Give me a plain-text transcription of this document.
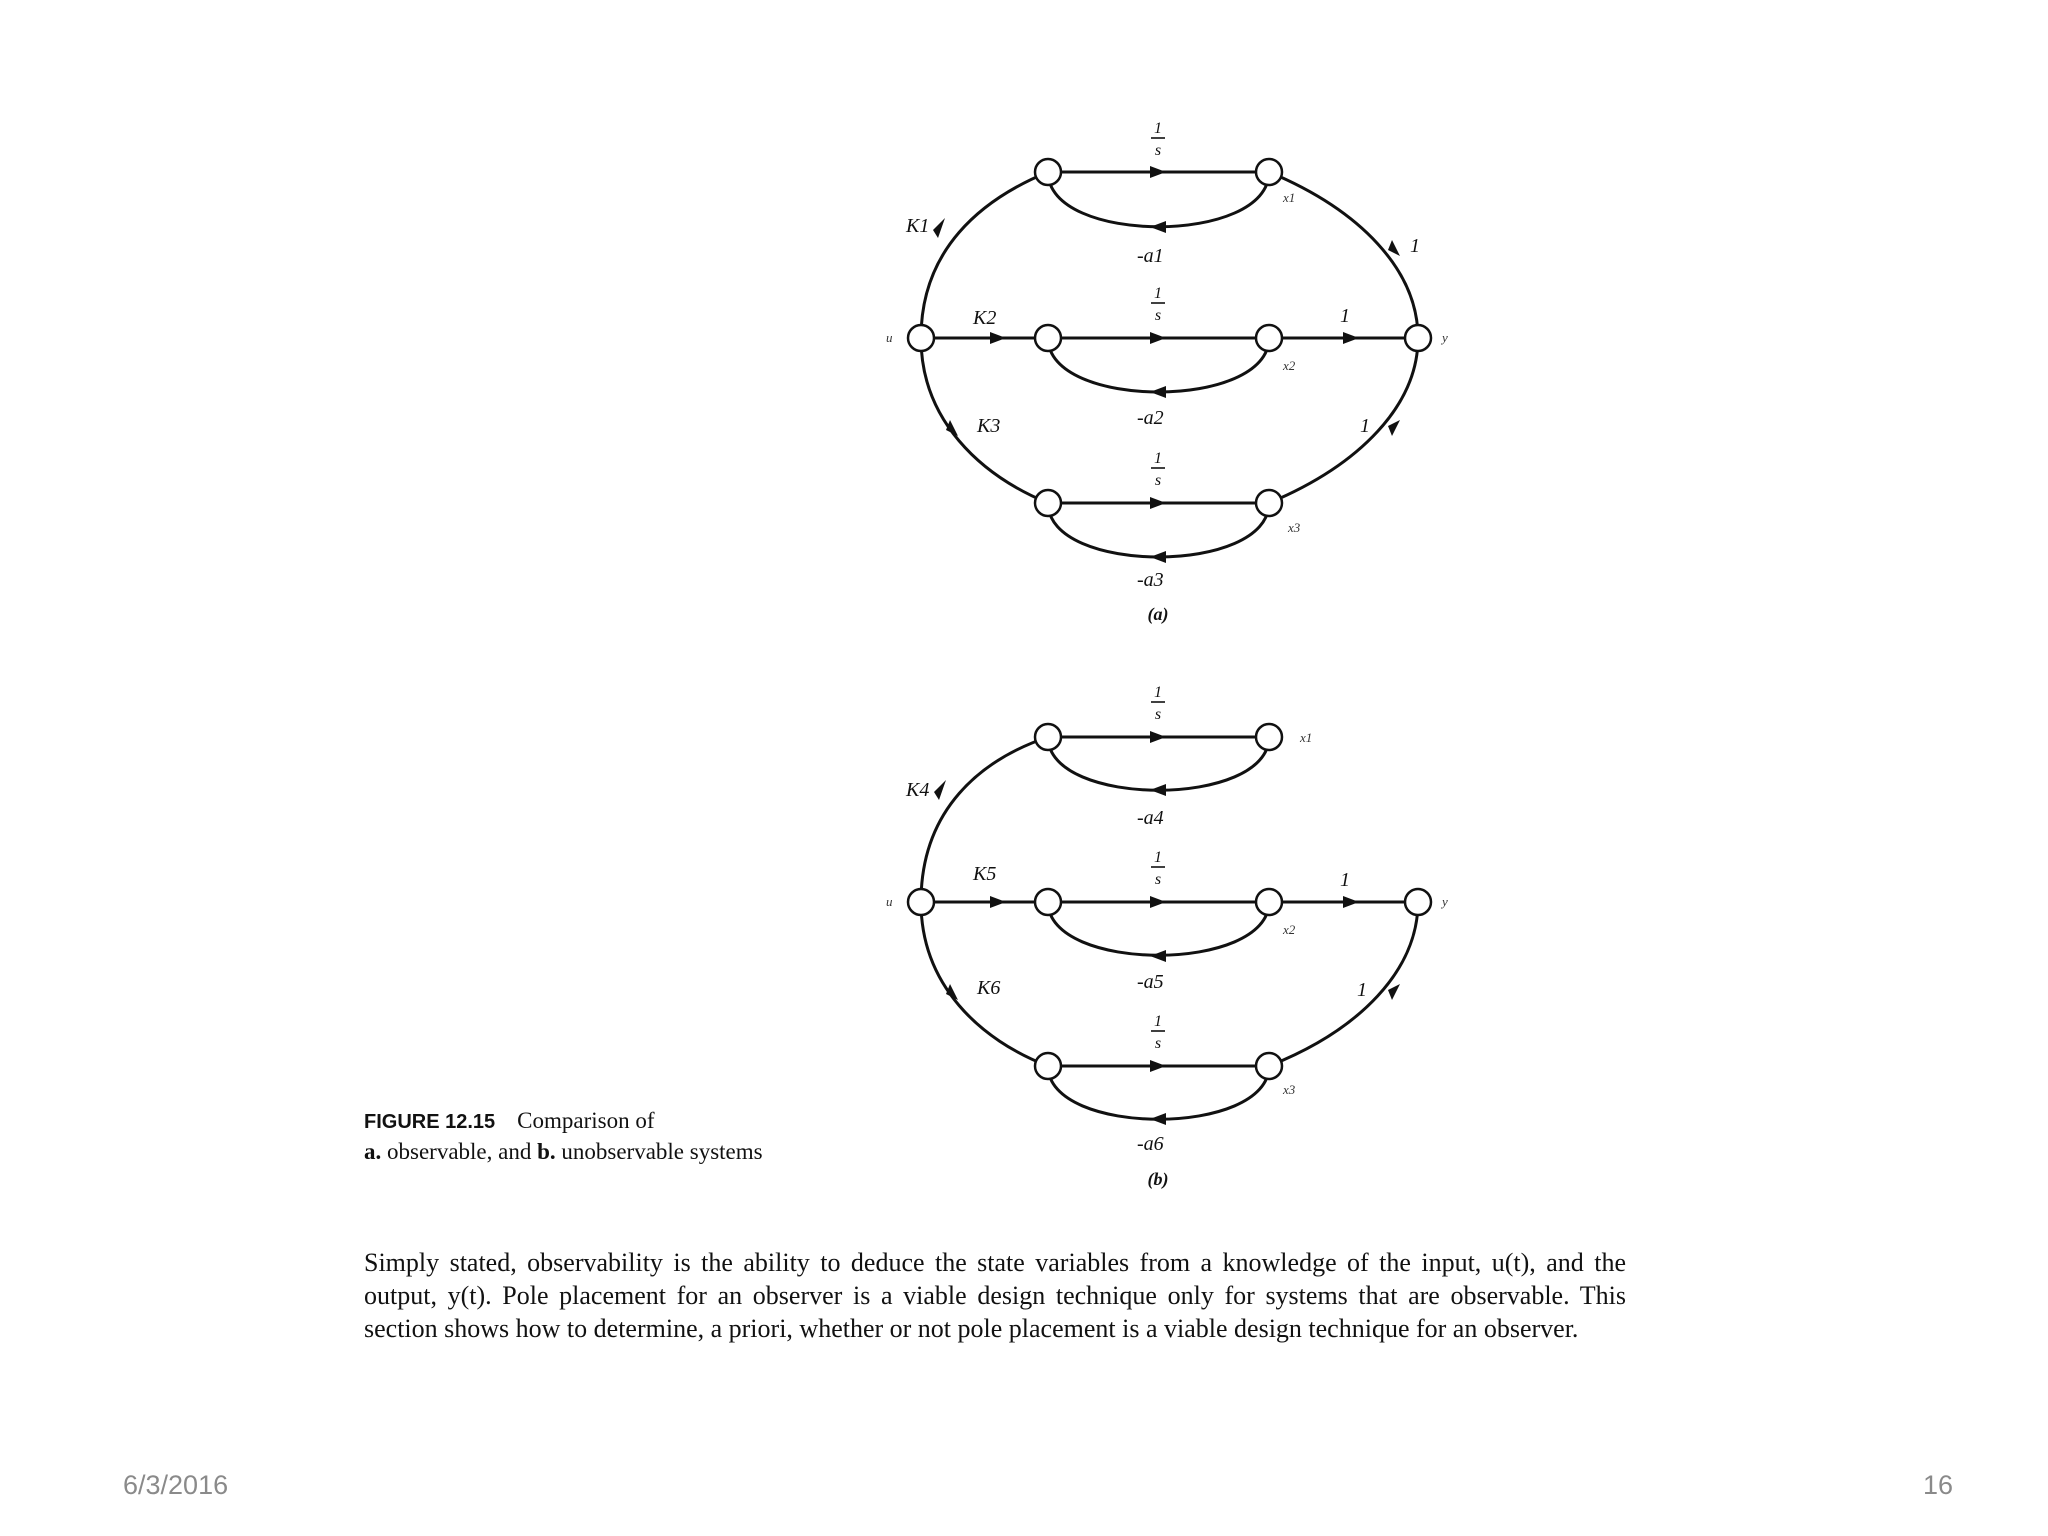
1
s
1
s
1
s
K1
K2
K3
-a1
-a2
-a3
1
1
1
u	y
x1
x2
x3
(a)
1
s
1
s
1
s
K4
K5
K6
-a4
-a5
-a6
1
1
u	y
x1
x2
x3
(b)
FIGURE 12.15 Comparison of
a. observable, and b. unobservable systems
Simply stated, observability is the ability to deduce the state variables from a knowledge of the input, u(t), and the output, y(t). Pole placement for an observer is a viable design technique only for systems that are observable. This section shows how to determine, a priori, whether or not pole placement is a viable design technique for an observer.
6/3/2016	16
